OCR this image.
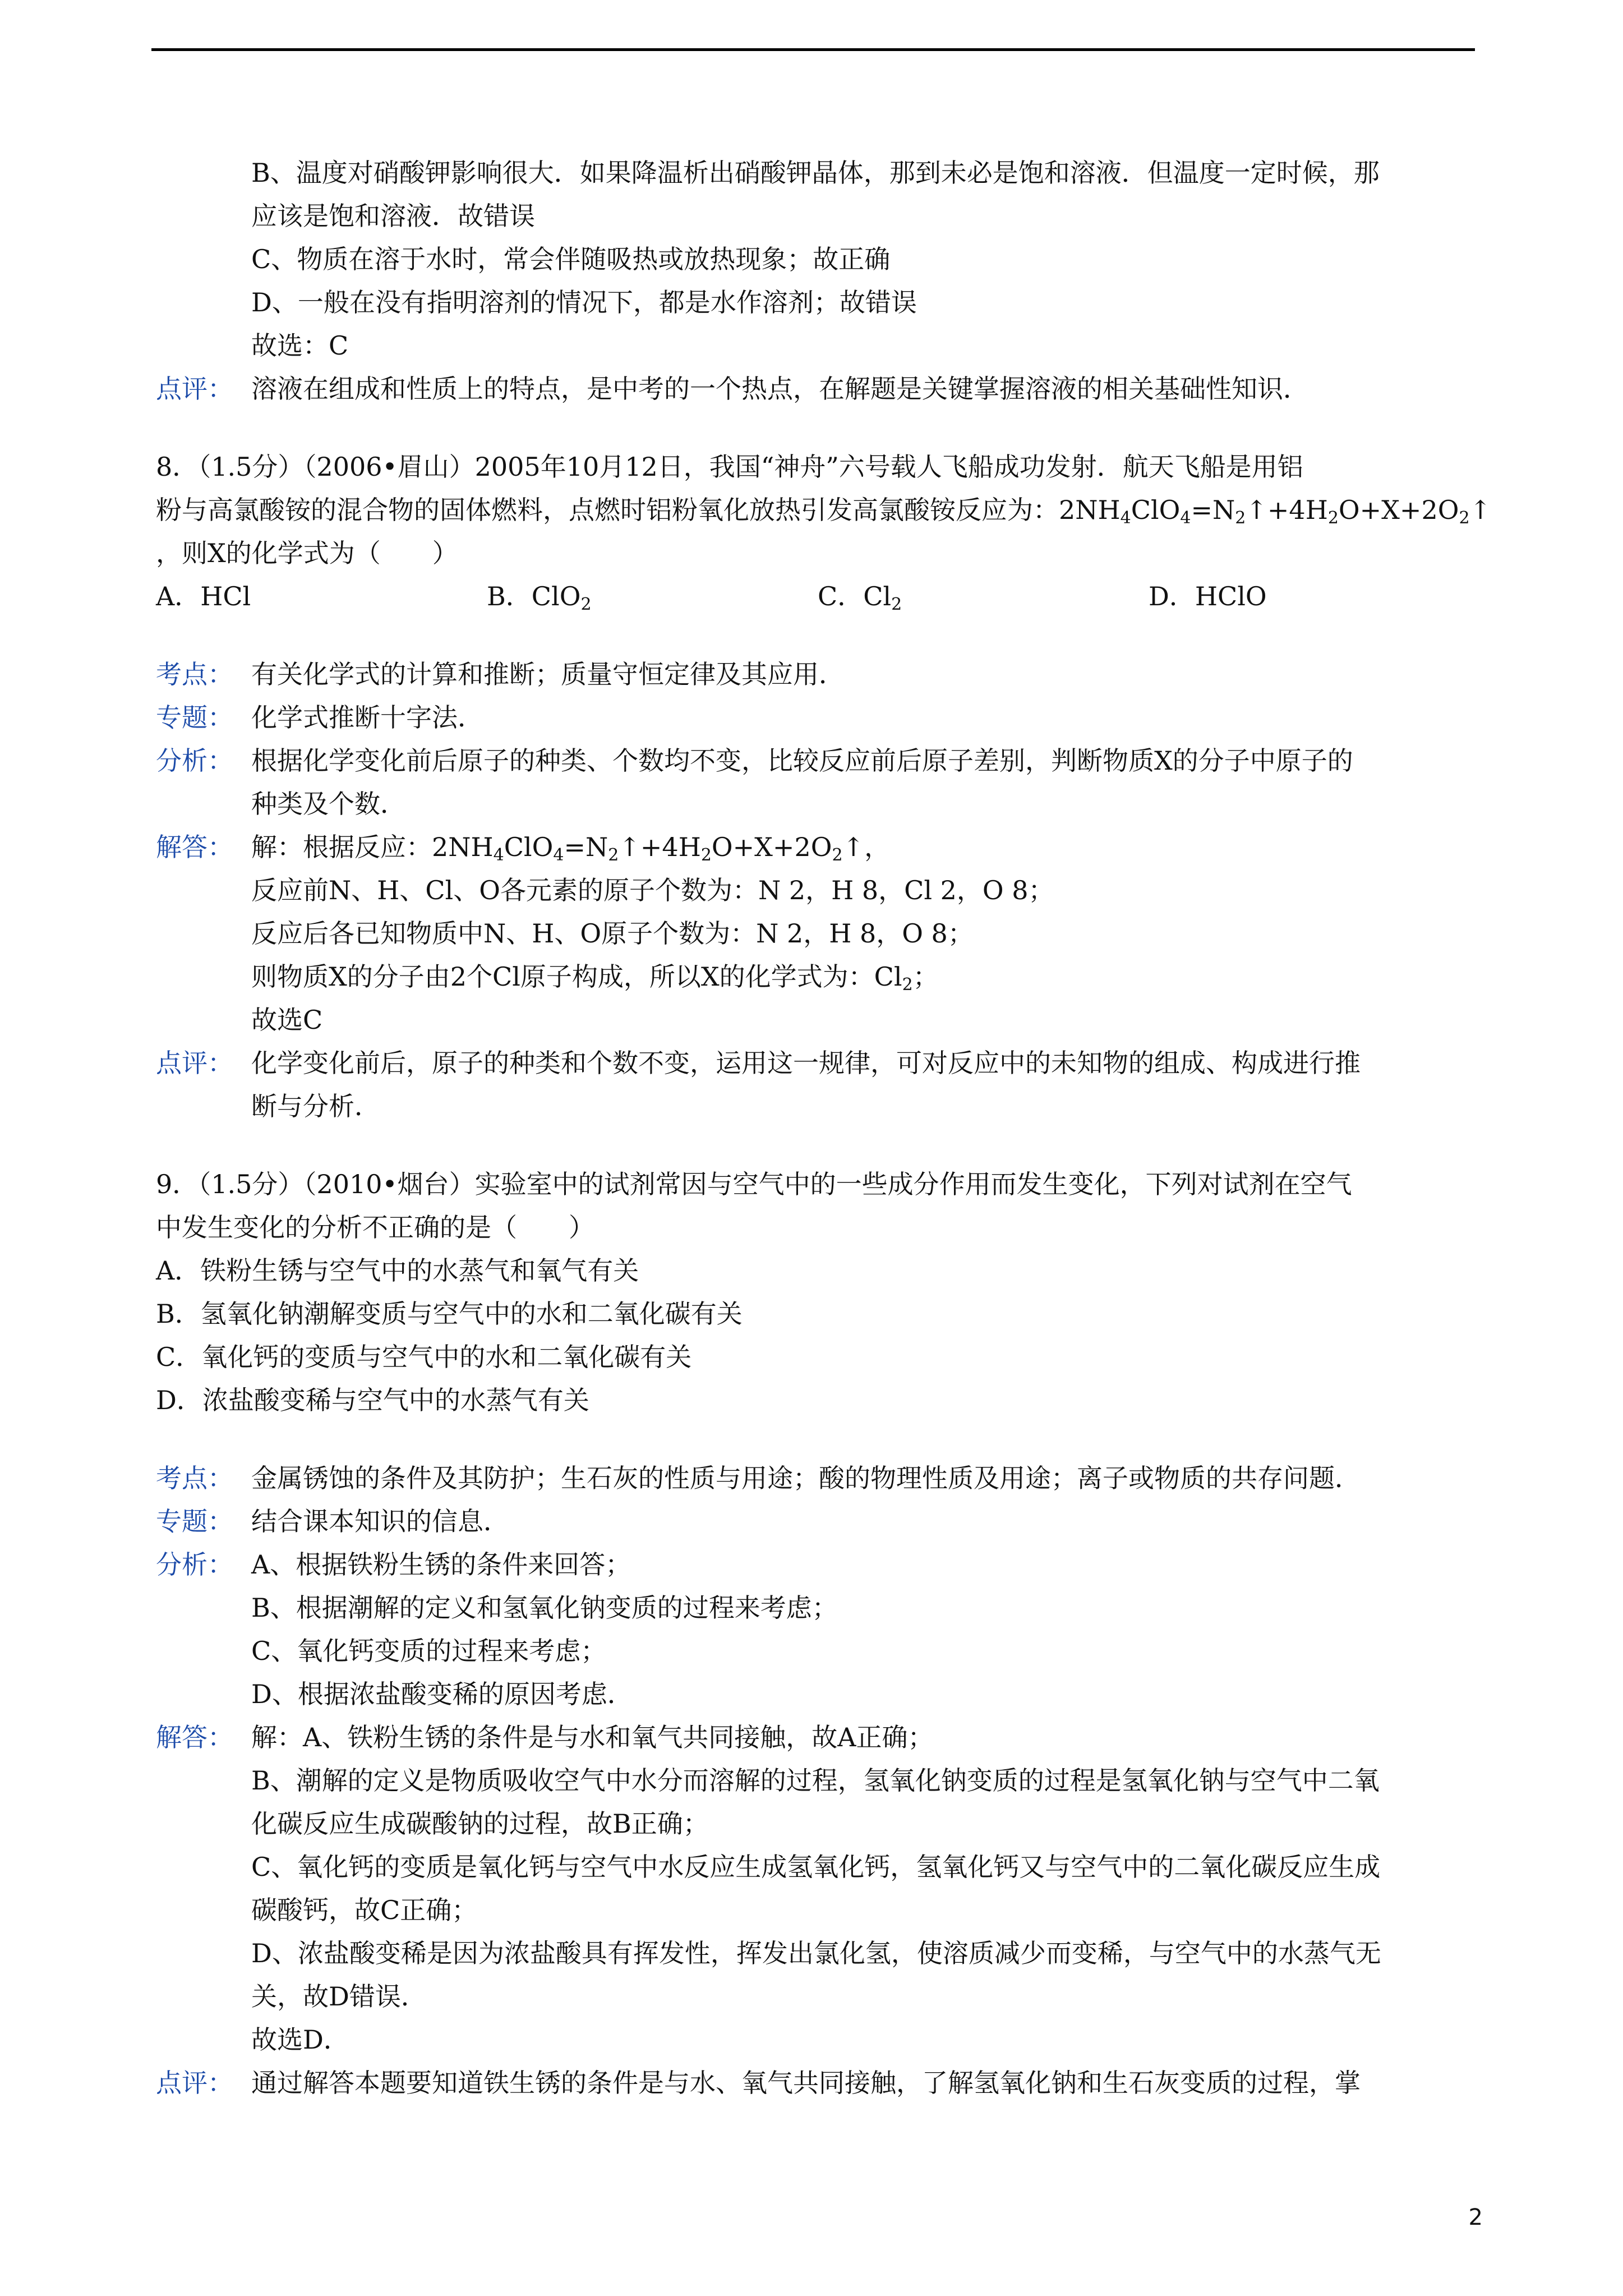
B、温度对硝酸钾影响很大．如果降温析出硝酸钾晶体，那到未必是饱和溶液．但温度一定时候，那
应该是饱和溶液．故错误
C、物质在溶于水时，常会伴随吸热或放热现象；故正确
D、一般在没有指明溶剂的情况下，都是水作溶剂；故错误
故选：C
点评： 溶液在组成和性质上的特点，是中考的一个热点，在解题是关键掌握溶液的相关基础性知识．
8．（1.5分）（2006•眉山）2005年10月12日，我国“神舟”六号载人飞船成功发射．航天飞船是用铝
粉与高氯酸铵的混合物的固体燃料，点燃时铝粉氧化放热引发高氯酸铵反应为：$2NH_4ClO_4=N_2↑+4H_2O+X+2O_2↑$
，则X的化学式为（　　）
A．HCl	B．ClO$_2$	C．$Cl_2$	D．HClO
考点： 有关化学式的计算和推断；质量守恒定律及其应用．
专题： 化学式推断十字法．
分析： 根据化学变化前后原子的种类、个数均不变，比较反应前后原子差别，判断物质X的分子中原子的
种类及个数．
解答： 解：根据反应：$2NH_4ClO_4=N_2↑+4H_2O+X+2O_2↑$，
反应前N、H、Cl、O各元素的原子个数为：N 2，H 8，Cl 2，O 8；
反应后各已知物质中N、H、O原子个数为：N 2，H 8，O 8；
则物质X的分子由2个Cl原子构成，所以X的化学式为：$Cl_2$；
故选C
点评： 化学变化前后，原子的种类和个数不变，运用这一规律，可对反应中的未知物的组成、构成进行推
断与分析．
9．（1.5分）（2010•烟台）实验室中的试剂常因与空气中的一些成分作用而发生变化，下列对试剂在空气
中发生变化的分析不正确的是（　　）
A．铁粉生锈与空气中的水蒸气和氧气有关
B．氢氧化钠潮解变质与空气中的水和二氧化碳有关
C．氧化钙的变质与空气中的水和二氧化碳有关
D．浓盐酸变稀与空气中的水蒸气有关
考点： 金属锈蚀的条件及其防护；生石灰的性质与用途；酸的物理性质及用途；离子或物质的共存问题．
专题： 结合课本知识的信息．
分析： A、根据铁粉生锈的条件来回答；
B、根据潮解的定义和氢氧化钠变质的过程来考虑；
C、氧化钙变质的过程来考虑；
D、根据浓盐酸变稀的原因考虑．
解答： 解：A、铁粉生锈的条件是与水和氧气共同接触，故A正确；
B、潮解的定义是物质吸收空气中水分而溶解的过程，氢氧化钠变质的过程是氢氧化钠与空气中二氧
化碳反应生成碳酸钠的过程，故B正确；
C、氧化钙的变质是氧化钙与空气中水反应生成氢氧化钙，氢氧化钙又与空气中的二氧化碳反应生成
碳酸钙，故C正确；
D、浓盐酸变稀是因为浓盐酸具有挥发性，挥发出氯化氢，使溶质减少而变稀，与空气中的水蒸气无
关，故D错误．
故选D．
点评： 通过解答本题要知道铁生锈的条件是与水、氧气共同接触，了解氢氧化钠和生石灰变质的过程，掌
2
